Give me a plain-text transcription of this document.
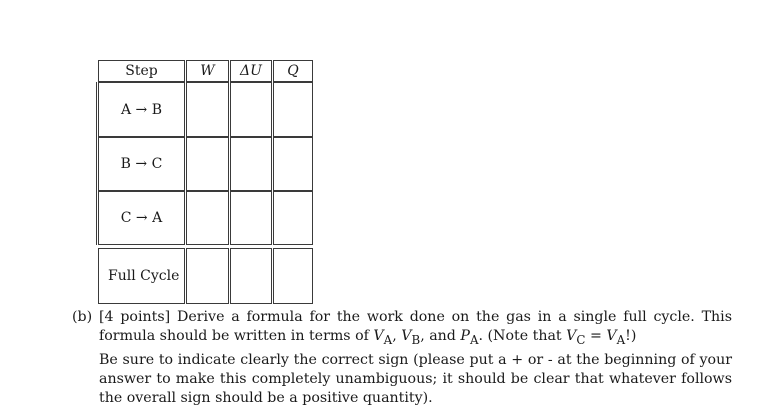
Step	W	ΔU	Q
A → B
B → C
C → A
Full Cycle
(b) [4 points] Derive a formula for the work done on the gas in a single full cycle. This formula should be written in terms of $V_A$, $V_B$, and $P_A$. (Note that $V_C = V_A$!)

Be sure to indicate clearly the correct sign (please put a + or - at the beginning of your answer to make this completely unambiguous; it should be clear that whatever follows the overall sign should be a positive quantity).
